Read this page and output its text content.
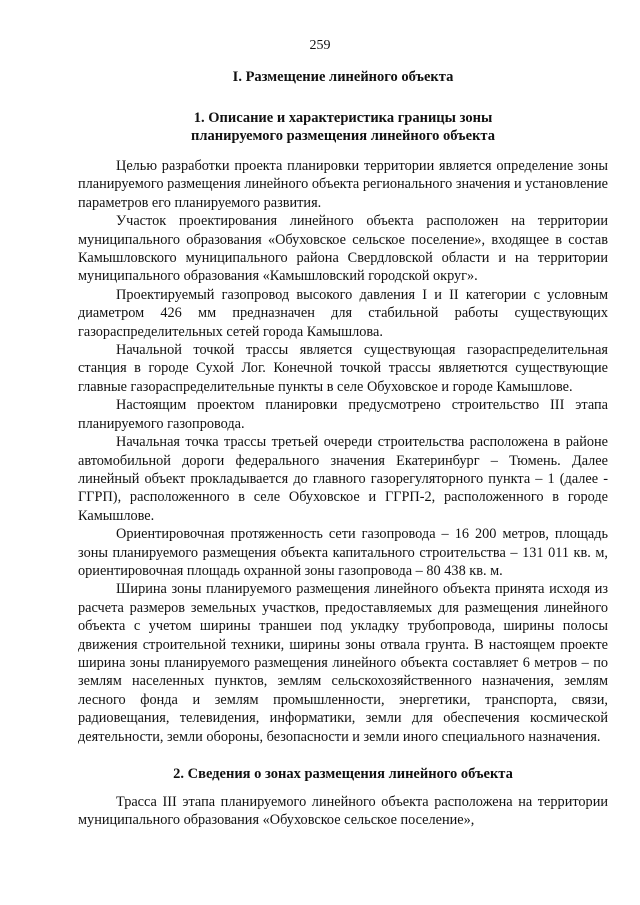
259
I. Размещение линейного объекта
1. Описание и характеристика границы зоны
планируемого размещения линейного объекта

Целью разработки проекта планировки территории является определение зоны планируемого размещения линейного объекта регионального значения и установление параметров его планируемого развития.

Участок проектирования линейного объекта расположен на территории муниципального образования «Обуховское сельское поселение», входящее в состав Камышловского муниципального района Свердловской области и на территории муниципального образования «Камышловский городской округ».

Проектируемый газопровод высокого давления I и II категории с условным диаметром 426 мм предназначен для стабильной работы существующих газораспределительных сетей города Камышлова.

Начальной точкой трассы является существующая газораспределительная станция в городе Сухой Лог. Конечной точкой трассы являетются существующие главные газораспределительные пункты в селе Обуховское и городе Камышлове.

Настоящим проектом планировки предусмотрено строительство III этапа планируемого газопровода.

Начальная точка трассы третьей очереди строительства расположена в районе автомобильной дороги федерального значения Екатеринбург – Тюмень. Далее линейный объект прокладывается до главного газорегуляторного пункта – 1 (далее - ГГРП), расположенного в селе Обуховское и ГГРП-2, расположенного в городе Камышлове.

Ориентировочная протяженность сети газопровода – 16 200 метров, площадь зоны планируемого размещения объекта капитального строительства – 131 011 кв. м, ориентировочная площадь охранной зоны газопровода – 80 438 кв. м.

Ширина зоны планируемого размещения линейного объекта принята исходя из расчета размеров земельных участков, предоставляемых для размещения линейного объекта с учетом ширины траншеи под укладку трубопровода, ширины полосы движения строительной техники, ширины зоны отвала грунта. В настоящем проекте ширина зоны планируемого размещения линейного объекта составляет 6 метров – по землям населенных пунктов, землям сельскохозяйственного назначения, землям лесного фонда и землям промышленности, энергетики, транспорта, связи, радиовещания, телевидения, информатики, земли для обеспечения космической деятельности, земли обороны, безопасности и земли иного специального назначения.

2. Сведения о зонах размещения линейного объекта

Трасса III этапа планируемого линейного объекта расположена на территории муниципального образования «Обуховское сельское поселение»,
